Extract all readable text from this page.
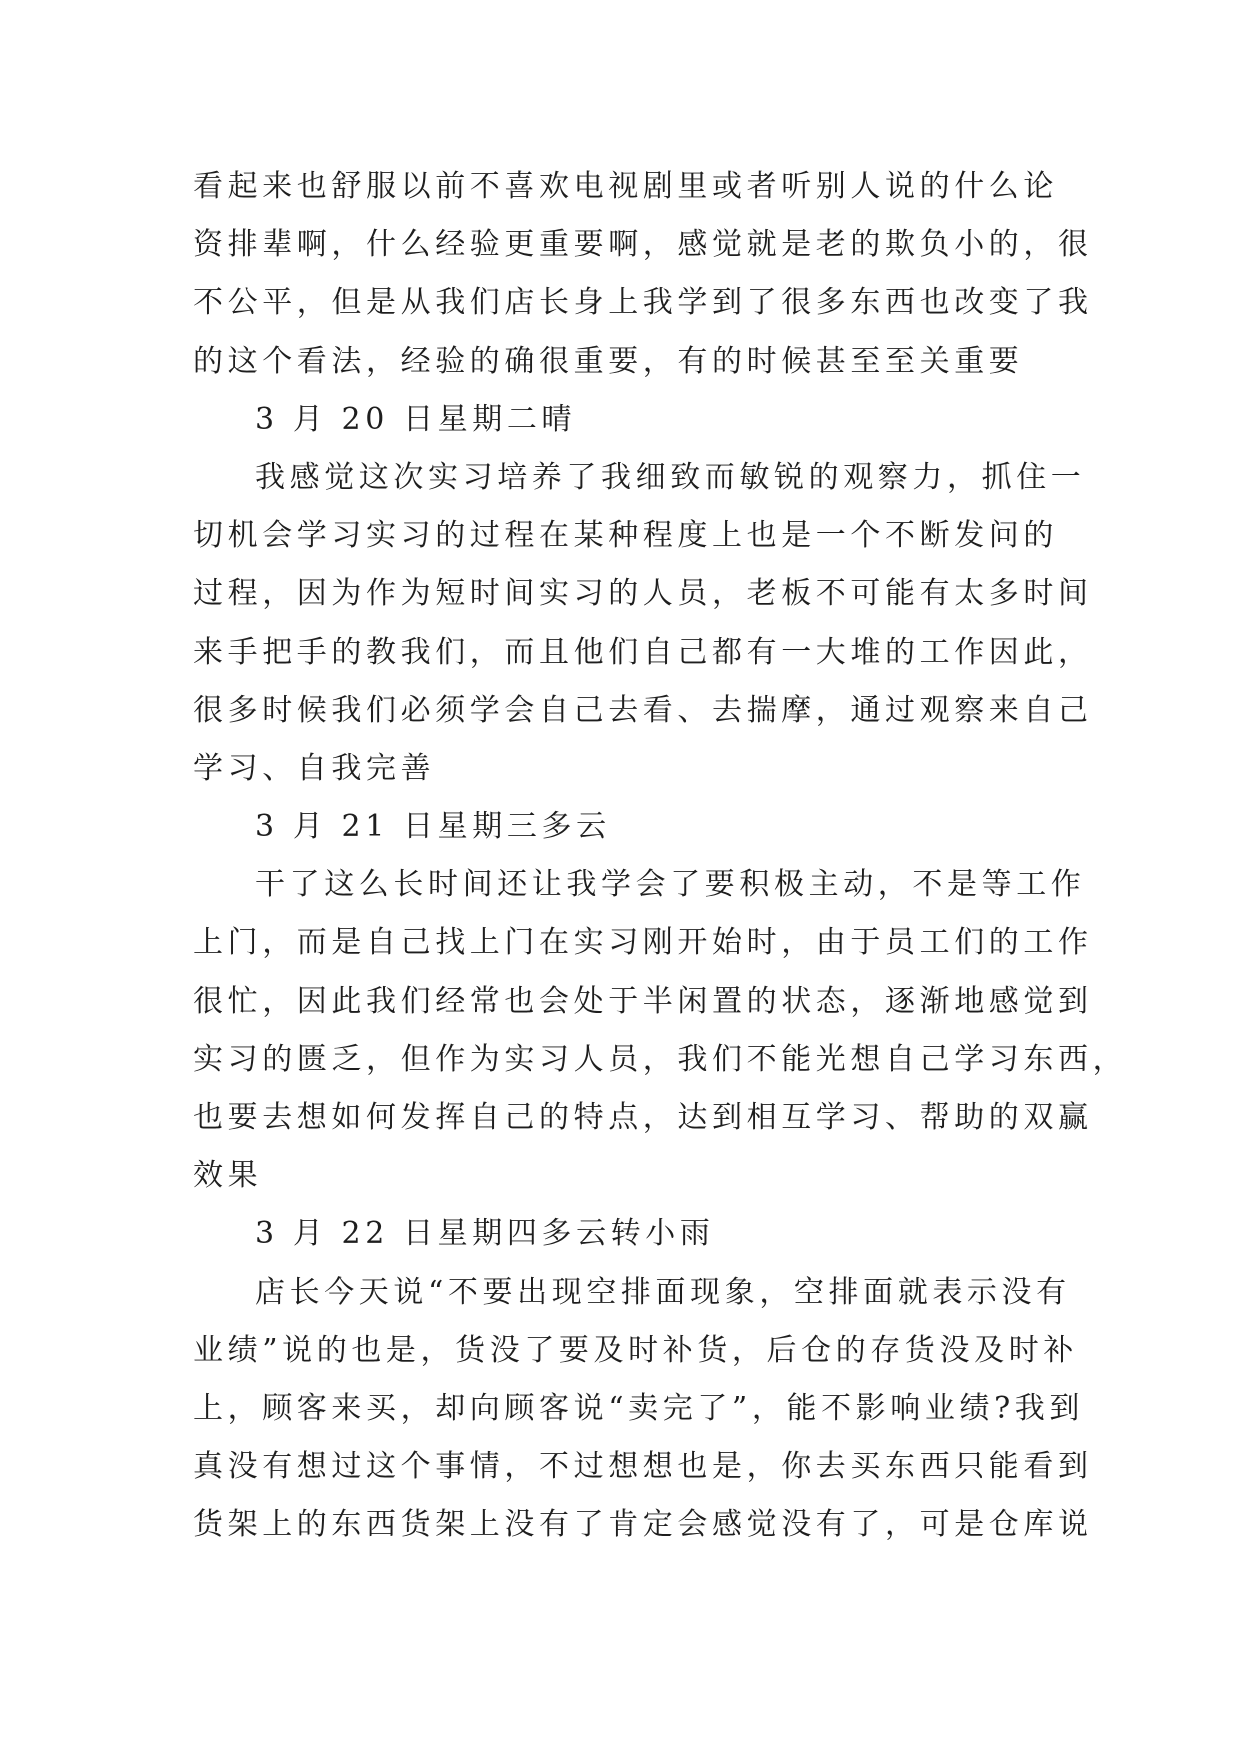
看起来也舒服以前不喜欢电视剧里或者听别人说的什么论
资排辈啊，什么经验更重要啊，感觉就是老的欺负小的，很
不公平，但是从我们店长身上我学到了很多东西也改变了我
的这个看法，经验的确很重要，有的时候甚至至关重要
3 月 20 日星期二晴
我感觉这次实习培养了我细致而敏锐的观察力，抓住一
切机会学习实习的过程在某种程度上也是一个不断发问的
过程，因为作为短时间实习的人员，老板不可能有太多时间
来手把手的教我们，而且他们自己都有一大堆的工作因此，
很多时候我们必须学会自己去看、去揣摩，通过观察来自己
学习、自我完善
3 月 21 日星期三多云
干了这么长时间还让我学会了要积极主动，不是等工作
上门，而是自己找上门在实习刚开始时，由于员工们的工作
很忙，因此我们经常也会处于半闲置的状态，逐渐地感觉到
实习的匮乏，但作为实习人员，我们不能光想自己学习东西，
也要去想如何发挥自己的特点，达到相互学习、帮助的双赢
效果
3 月 22 日星期四多云转小雨
店长今天说“不要出现空排面现象，空排面就表示没有
业绩”说的也是，货没了要及时补货，后仓的存货没及时补
上，顾客来买，却向顾客说“卖完了”，能不影响业绩?我到
真没有想过这个事情，不过想想也是，你去买东西只能看到
货架上的东西货架上没有了肯定会感觉没有了，可是仓库说
